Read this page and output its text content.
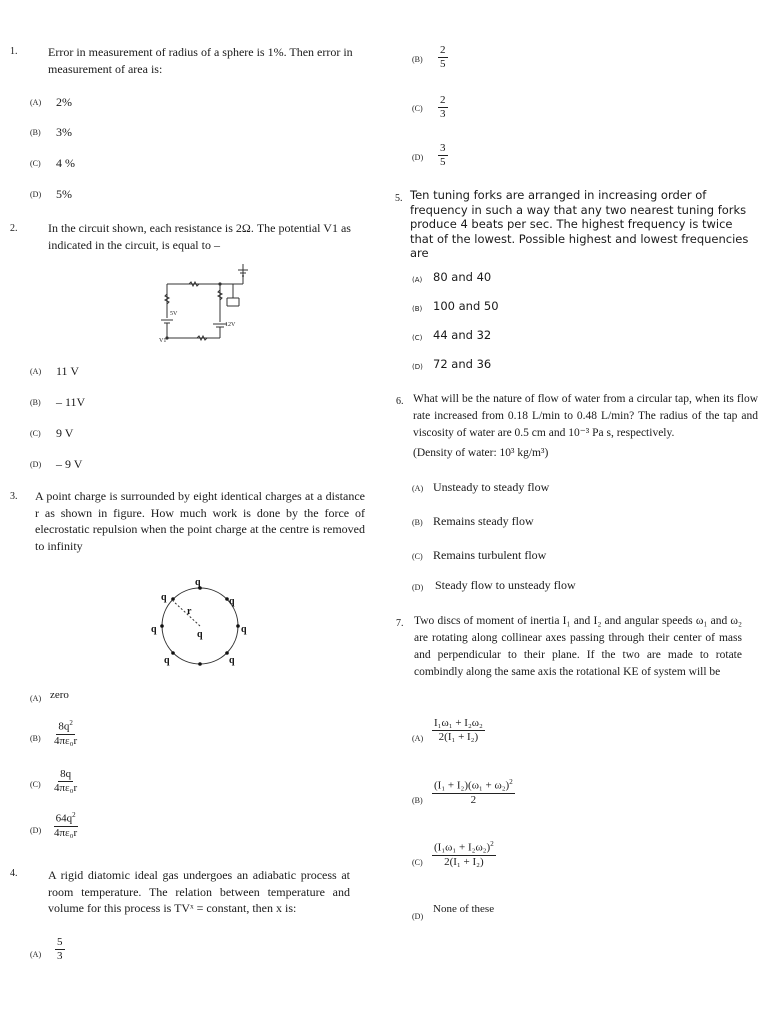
1.	Error in measurement of radius of a sphere is 1%. Then error in measurement of area is:
(A) 2%
(B) 3%
(C) 4 %
(D) 5%
2.	In the circuit shown, each resistance is 2Ω. The potential V1 as indicated in the circuit, is equal to –
5V
12V
V1
(A) 11 V
(B) – 11V
(C) 9 V
(D) – 9 V
3. A point charge is surrounded by eight identical charges at a distance r as shown in figure. How much work is done by the force of elecrostatic repulsion when the point charge at the centre is removed to infinity
q
q
q
q
q
q
q
q
r
(A) zero
$(B) \frac{8q^2}{\text{4πε₀r}}$
$(C) \frac{8q}{\text{4πε₀r}}$
$(D) \frac{64q^2}{\text{4πε₀r}}$
4.	A rigid diatomic ideal gas undergoes an adiabatic process at room temperature. The relation between temperature and volume for this process is TVˣ = constant, then x is:
$(A) \frac{5}{3}$
$(B) \frac{2}{5}$
$(C) \frac{2}{3}$
$(D) \frac{3}{5}$
5. Ten tuning forks are arranged in increasing order of frequency in such a way that any two nearest tuning forks produce 4 beats per sec. The highest frequency is twice that of the lowest. Possible highest and lowest frequencies are
(A) 80 and 40
(B) 100 and 50
(C) 44 and 32
(D) 72 and 36
6. What will be the nature of flow of water from a circular tap, when its flow rate increased from 0.18 L/min to 0.48 L/min? The radius of the tap and viscosity of water are 0.5 cm and 10⁻³ Pa s, respectively.
(Density of water: 10³ kg/m³)
(A) Unsteady to steady flow
(B) Remains steady flow
(C) Remains turbulent flow
(D) Steady flow to unsteady flow
7. Two discs of moment of inertia I₁ and I₂ and angular speeds ω₁ and ω₂ are rotating along collinear axes passing through their center of mass and perpendicular to their plane. If the two are made to rotate combindly along the same axis the rotational KE of system will be
$(A) \frac{\text{I₁ω₁ + I₂ω₂}}{\text{2(I₁ + I₂)}}$
$(B) \frac{(I_1 + I_2)(\omega_1 + \omega_2)^2}{2}$
$(C) \frac{(I_1\omega_1 + I_2\omega_2)^2}{\text{2(I₁ + I₂)}}$
(D)
None of these
